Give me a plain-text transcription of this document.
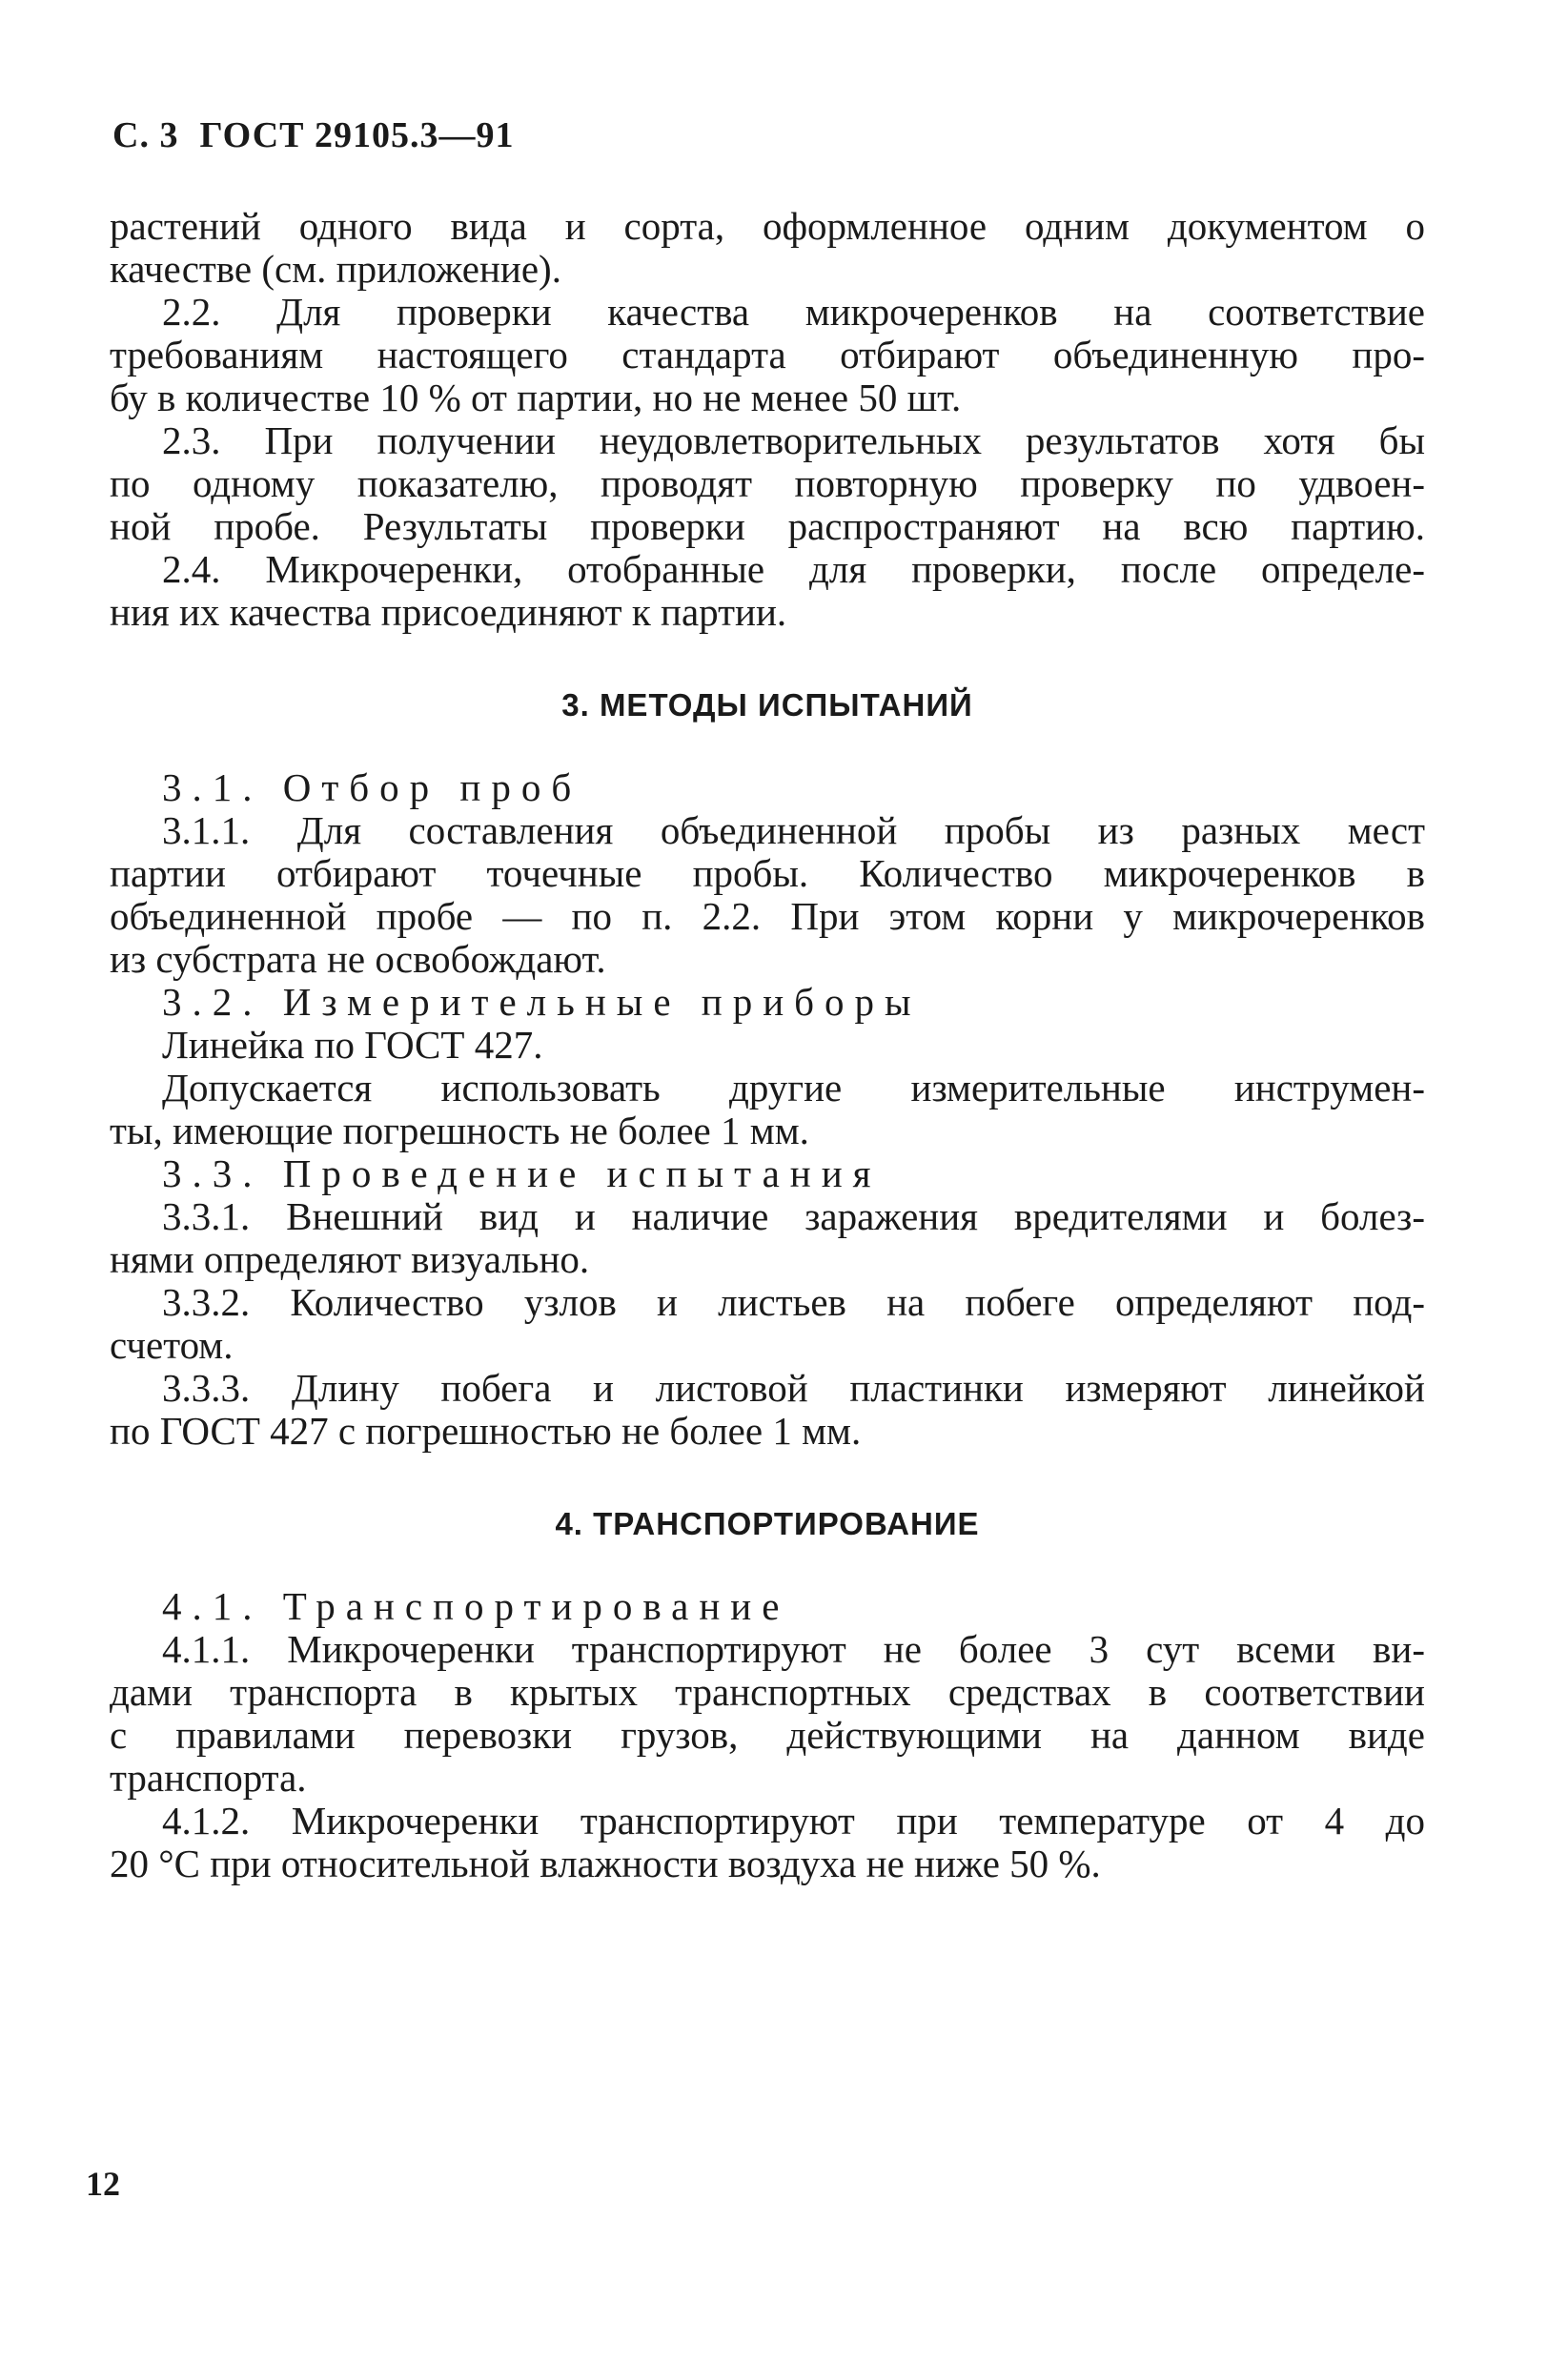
С. 3 ГОСТ 29105.3—91
растений одного вида и сорта, оформленное одним документом о
качестве (см. приложение).
2.2. Для проверки качества микрочеренков на соответствие
требованиям настоящего стандарта отбирают объединенную про-
бу в количестве 10 % от партии, но не менее 50 шт.
2.3. При получении неудовлетворительных результатов хотя бы
по одному показателю, проводят повторную проверку по удвоен-
ной пробе. Результаты проверки распространяют на всю партию.
2.4. Микрочеренки, отобранные для проверки, после определе-
ния их качества присоединяют к партии.
3. МЕТОДЫ ИСПЫТАНИЙ
3.1. Отбор проб
3.1.1. Для составления объединенной пробы из разных мест
партии отбирают точечные пробы. Количество микрочеренков в
объединенной пробе — по п. 2.2. При этом корни у микрочеренков
из субстрата не освобождают.
3.2. Измерительные приборы
Линейка по ГОСТ 427.
Допускается использовать другие измерительные инструмен-
ты, имеющие погрешность не более 1 мм.
3.3. Проведение испытания
3.3.1. Внешний вид и наличие заражения вредителями и болез-
нями определяют визуально.
3.3.2. Количество узлов и листьев на побеге определяют под-
счетом.
3.3.3. Длину побега и листовой пластинки измеряют линейкой
по ГОСТ 427 с погрешностью не более 1 мм.
4. ТРАНСПОРТИРОВАНИЕ
4.1. Транспортирование
4.1.1. Микрочеренки транспортируют не более 3 сут всеми ви-
дами транспорта в крытых транспортных средствах в соответствии
с правилами перевозки грузов, действующими на данном виде
транспорта.
4.1.2. Микрочеренки транспортируют при температуре от 4 до
20 °C при относительной влажности воздуха не ниже 50 %.
12
